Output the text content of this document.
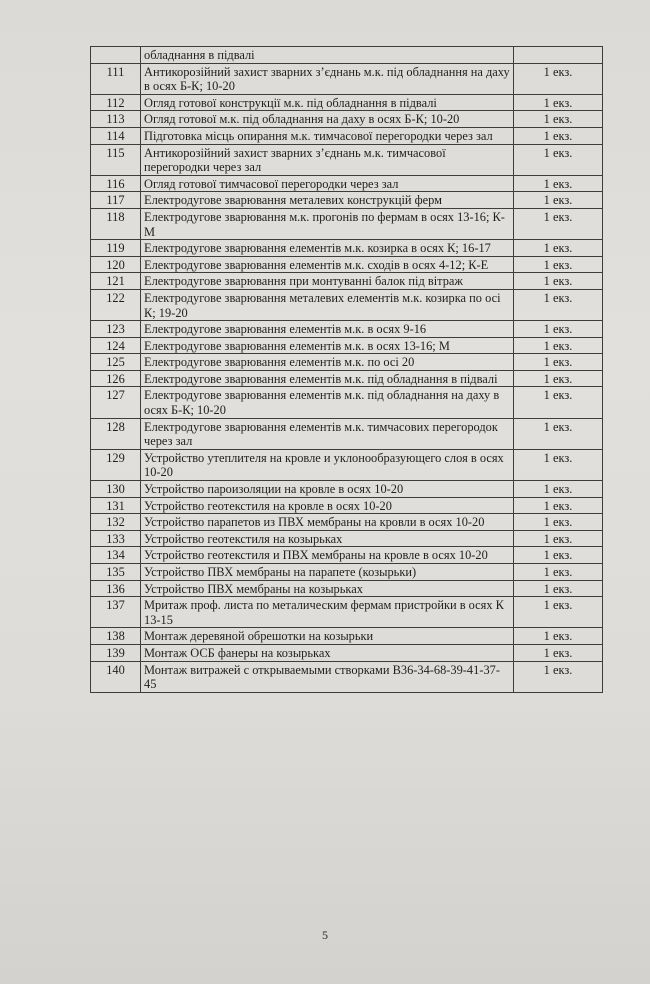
	обладнання в підвалі	
111	Антикорозійний захист зварних з’єднань м.к. під обладнання на даху в осях Б-К; 10-20	1 екз.
112	Огляд готової конструкції м.к. під обладнання в підвалі	1 екз.
113	Огляд готової м.к. під обладнання на даху в осях Б-К; 10-20	1 екз.
114	Підготовка місць опирання м.к. тимчасової перегородки через зал	1 екз.
115	Антикорозійний захист зварних з’єднань м.к. тимчасової перегородки через зал	1 екз.
116	Огляд готової тимчасової перегородки через зал	1 екз.
117	Електродугове зварювання металевих конструкцій ферм	1 екз.
118	Електродугове зварювання м.к. прогонів по фермам в осях 13-16; К-М	1 екз.
119	Електродугове зварювання елементів м.к. козирка в осях К; 16-17	1 екз.
120	Електродугове зварювання елементів м.к. сходів в осях 4-12; К-Е	1 екз.
121	Електродугове зварювання при монтуванні балок під вітраж	1 екз.
122	Електродугове зварювання металевих елементів м.к. козирка по осі К; 19-20	1 екз.
123	Електродугове зварювання елементів м.к. в осях 9-16	1 екз.
124	Електродугове зварювання елементів м.к. в осях 13-16; М	1 екз.
125	Електродугове зварювання елементів м.к. по осі 20	1 екз.
126	Електродугове зварювання елементів м.к. під обладнання в підвалі	1 екз.
127	Електродугове зварювання елементів м.к. під обладнання на даху в осях Б-К; 10-20	1 екз.
128	Електродугове зварювання елементів м.к. тимчасових перегородок через зал	1 екз.
129	Устройство утеплителя на кровле и уклонообразующего слоя в осях 10-20	1 екз.
130	Устройство пароизоляции на кровле в осях 10-20	1 екз.
131	Устройство геотекстиля на кровле в осях 10-20	1 екз.
132	Устройство парапетов из ПВХ мембраны на кровли в осях 10-20	1 екз.
133	Устройство геотекстиля на козырьках	1 екз.
134	Устройство геотекстиля и ПВХ мембраны на кровле в осях 10-20	1 екз.
135	Устройство ПВХ мембраны на парапете (козырьки)	1 екз.
136	Устройство ПВХ мембраны на козырьках	1 екз.
137	Мритаж проф. листа по металическим фермам пристройки в осях К 13-15	1 екз.
138	Монтаж деревяной обрешотки на козырьки	1 екз.
139	Монтаж ОСБ фанеры на козырьках	1 екз.
140	Монтаж витражей с открываемыми створками В36-34-68-39-41-37-45	1 екз.
5
